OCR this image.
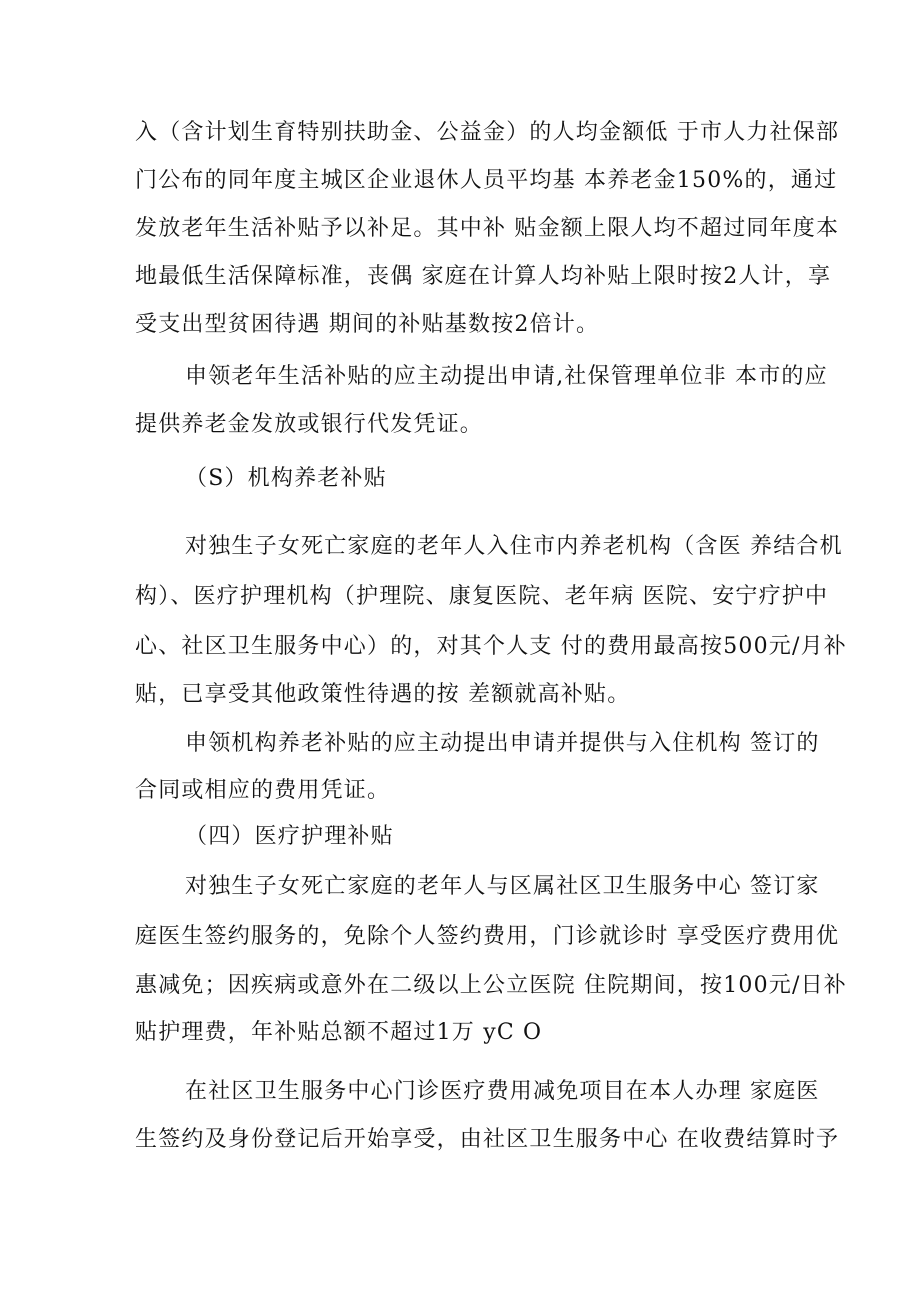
入（含计划生育特别扶助金、公益金）的人均金额低 于市人力社保部
门公布的同年度主城区企业退休人员平均基 本养老金150%的，通过
发放老年生活补贴予以补足。其中补 贴金额上限人均不超过同年度本
地最低生活保障标准，丧偶 家庭在计算人均补贴上限时按2人计，享
受支出型贫困待遇 期间的补贴基数按2倍计。
申领老年生活补贴的应主动提出申请,社保管理单位非 本市的应
提供养老金发放或银行代发凭证。
（S）机构养老补贴
对独生子女死亡家庭的老年人入住市内养老机构（含医 养结合机
构）、医疗护理机构（护理院、康复医院、老年病 医院、安宁疗护中
心、社区卫生服务中心）的，对其个人支 付的费用最高按500元/月补
贴，已享受其他政策性待遇的按 差额就高补贴。
申领机构养老补贴的应主动提出申请并提供与入住机构 签订的
合同或相应的费用凭证。
（四）医疗护理补贴
对独生子女死亡家庭的老年人与区属社区卫生服务中心 签订家
庭医生签约服务的，免除个人签约费用，门诊就诊时 享受医疗费用优
惠减免；因疾病或意外在二级以上公立医院 住院期间，按100元/日补
贴护理费，年补贴总额不超过1万 yC O
在社区卫生服务中心门诊医疗费用减免项目在本人办理 家庭医
生签约及身份登记后开始享受，由社区卫生服务中心 在收费结算时予
